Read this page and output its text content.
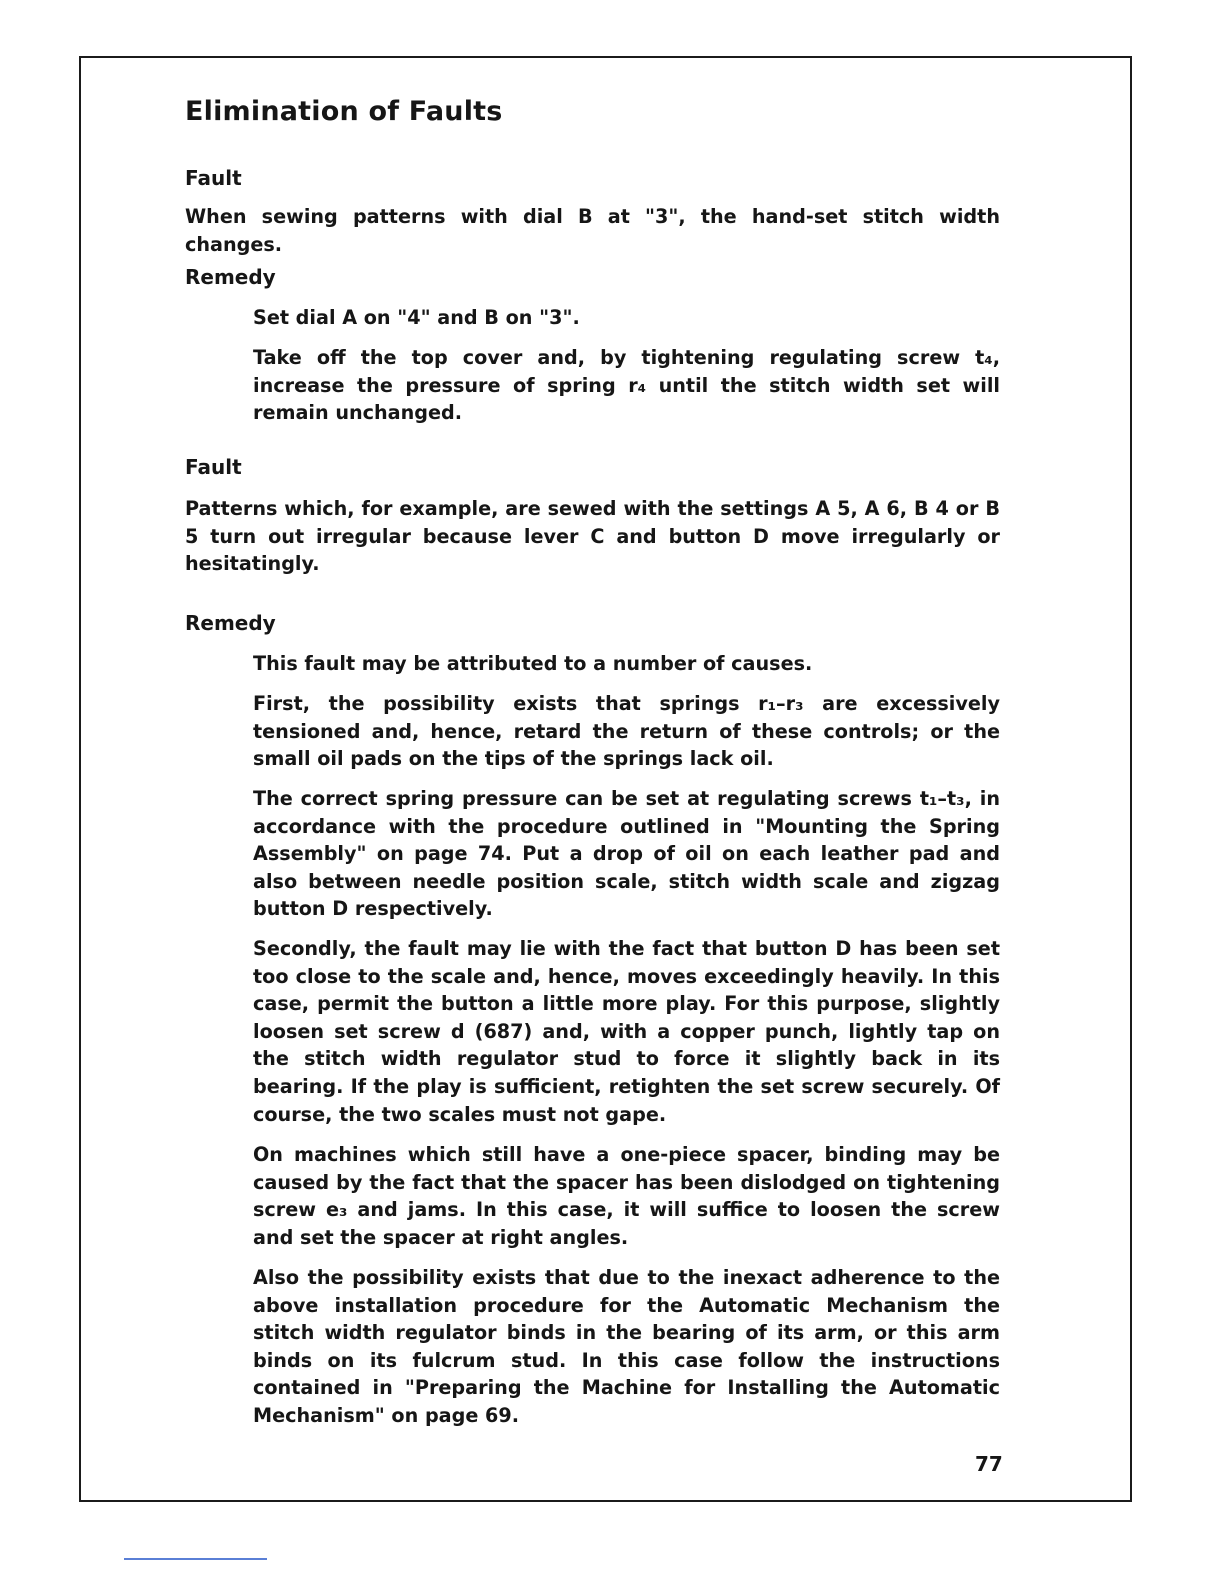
Elimination of Faults
Fault

When sewing patterns with dial B at "3", the hand-set stitch width changes.

Remedy

Set dial A on "4" and B on "3".

Take off the top cover and, by tightening regulating screw t₄, increase the pressure of spring r₄ until the stitch width set will remain unchanged.

Fault

Patterns which, for example, are sewed with the settings A 5, A 6, B 4 or B 5 turn out irregular because lever C and button D move irregularly or hesitatingly.

Remedy

This fault may be attributed to a number of causes.

First, the possibility exists that springs r₁–r₃ are excessively tensioned and, hence, retard the return of these controls; or the small oil pads on the tips of the springs lack oil.

The correct spring pressure can be set at regulating screws t₁–t₃, in accordance with the procedure outlined in "Mounting the Spring Assembly" on page 74. Put a drop of oil on each leather pad and also between needle position scale, stitch width scale and zigzag button D respectively.

Secondly, the fault may lie with the fact that button D has been set too close to the scale and, hence, moves exceedingly heavily. In this case, permit the button a little more play. For this purpose, slightly loosen set screw d (687) and, with a copper punch, lightly tap on the stitch width regulator stud to force it slightly back in its bearing. If the play is sufficient, retighten the set screw securely. Of course, the two scales must not gape.

On machines which still have a one-piece spacer, binding may be caused by the fact that the spacer has been dislodged on tightening screw e₃ and jams. In this case, it will suffice to loosen the screw and set the spacer at right angles.

Also the possibility exists that due to the inexact adherence to the above installation procedure for the Automatic Mechanism the stitch width regulator binds in the bearing of its arm, or this arm binds on its fulcrum stud. In this case follow the instructions contained in "Preparing the Machine for Installing the Automatic Mechanism" on page 69.

77
